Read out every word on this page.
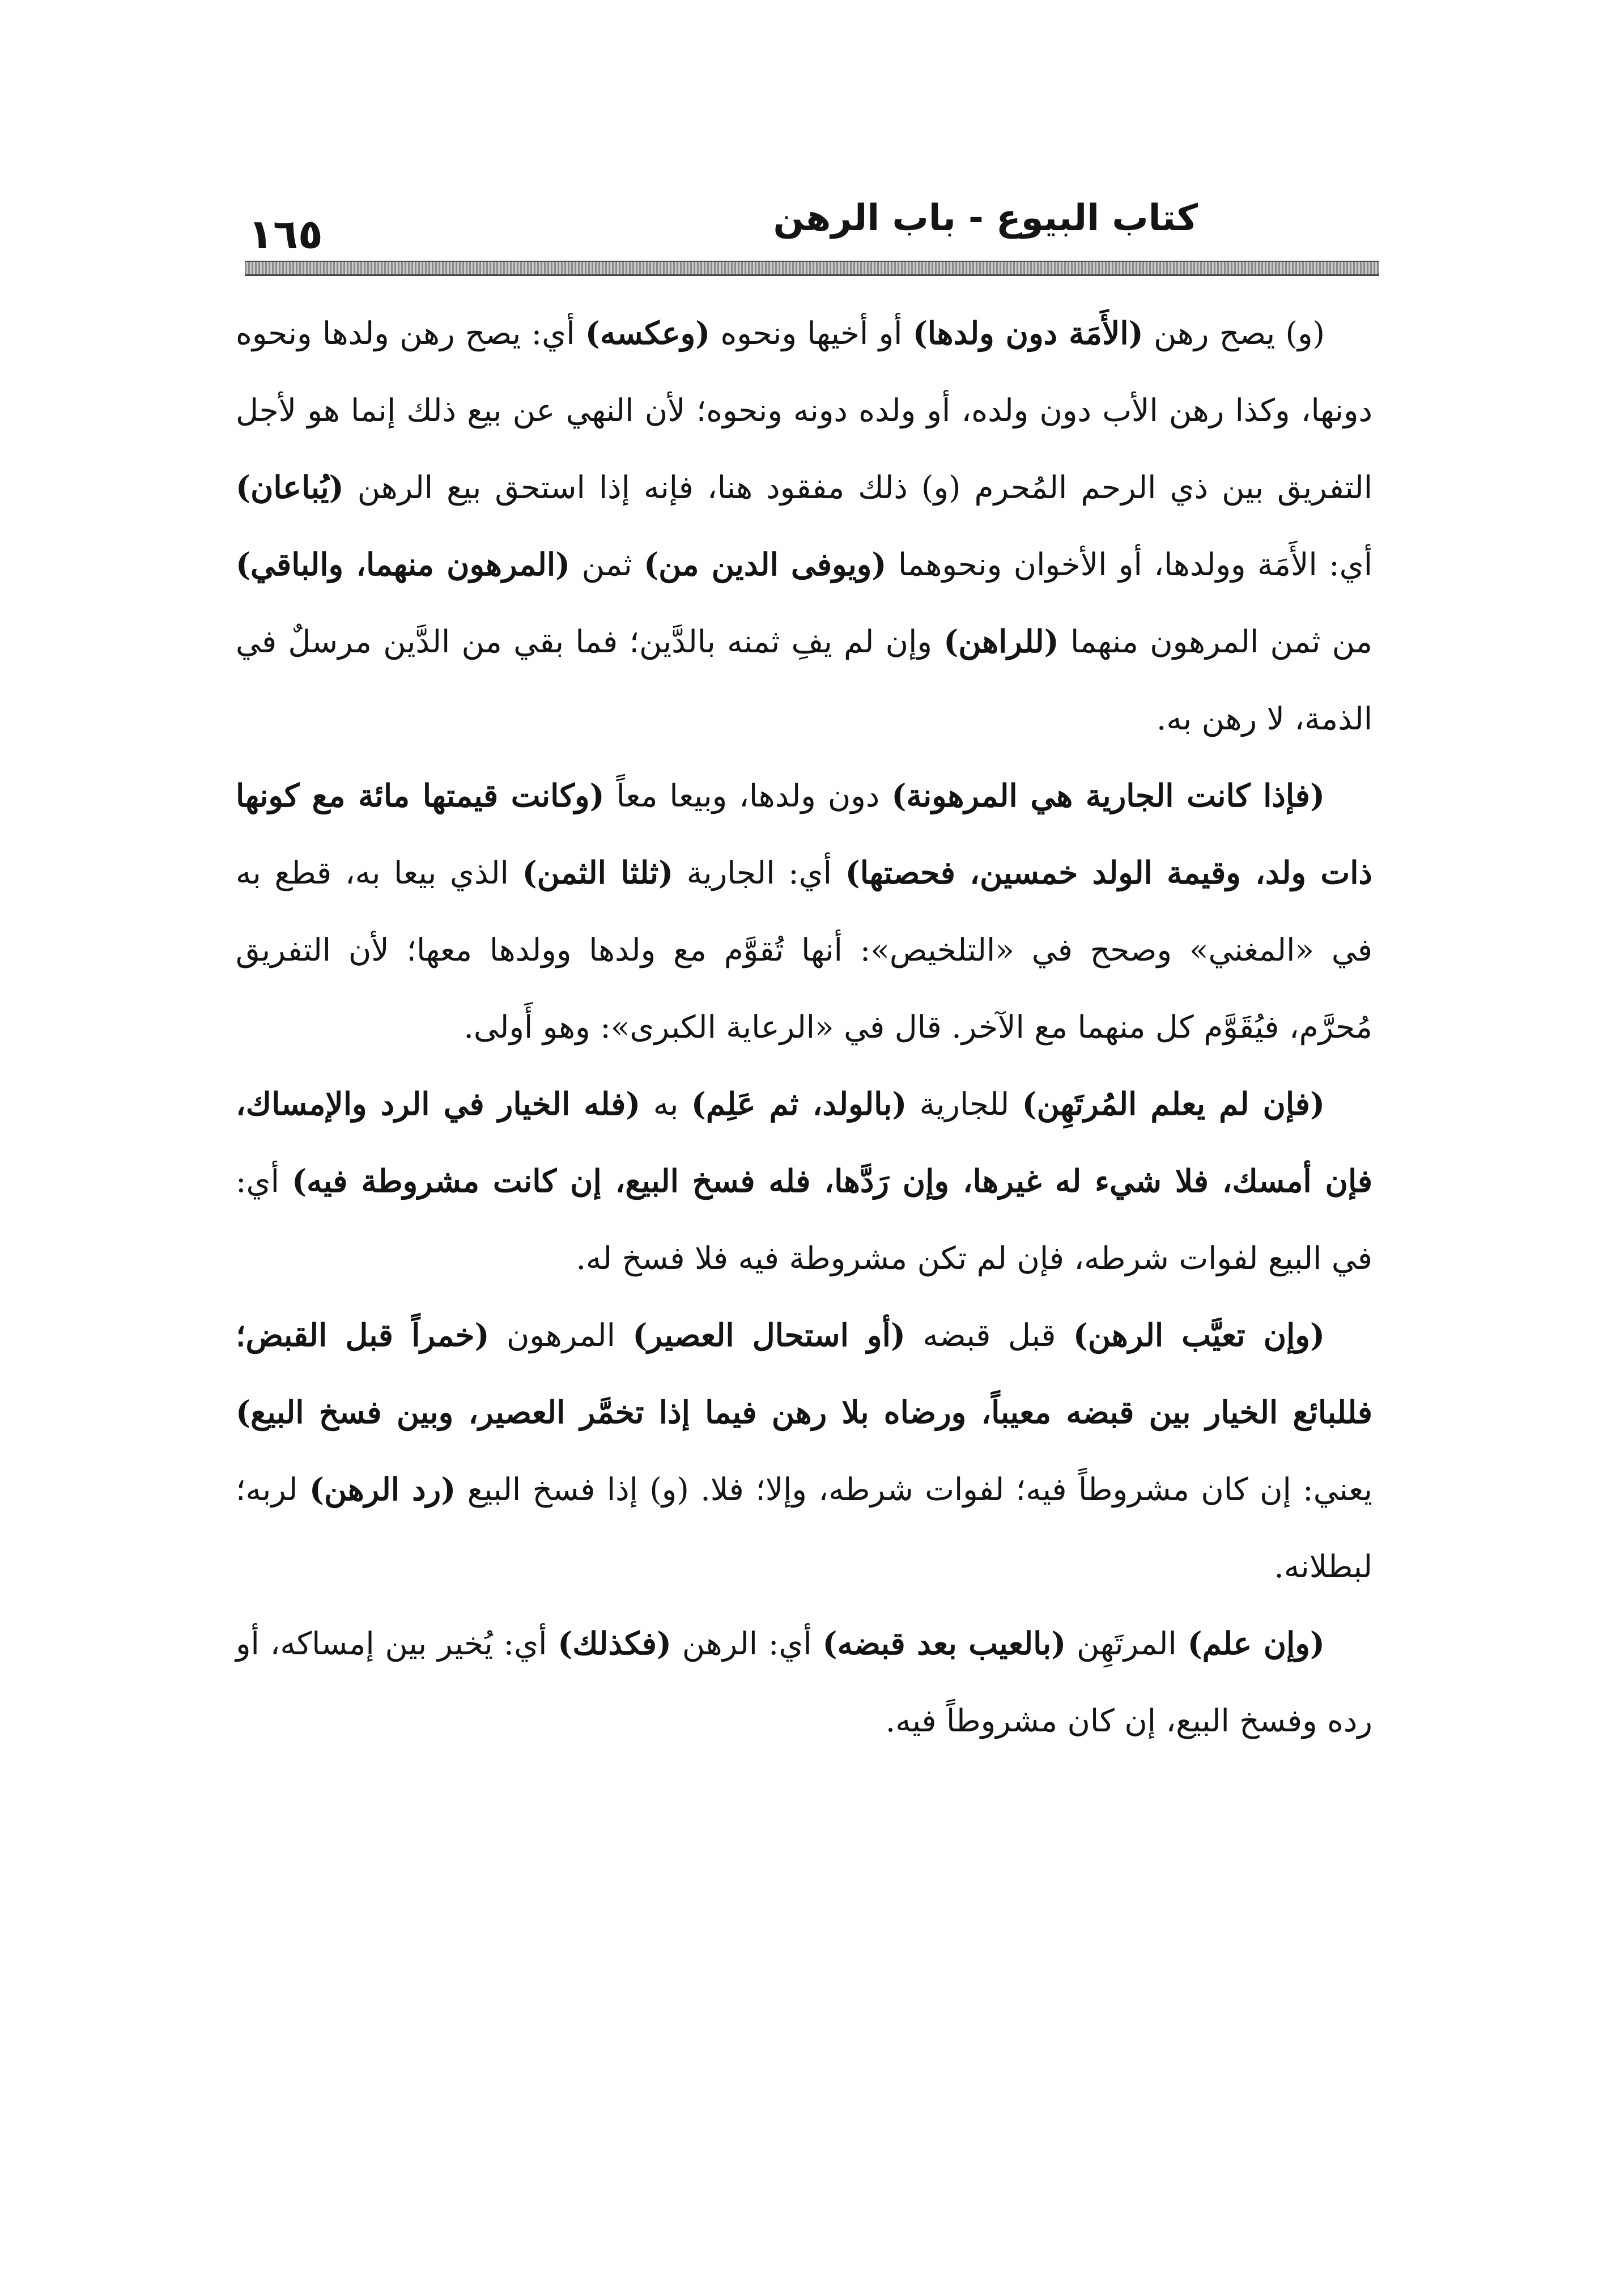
١٦٥	كتاب البيوع - باب الرهن

(و) يصح رهن (الأَمَة دون ولدها) أو أخيها ونحوه (وعكسه) أي: يصح رهن ولدها ونحوه دونها، وكذا رهن الأب دون ولده، أو ولده دونه ونحوه؛ لأن النهي عن بيع ذلك إنما هو لأجل التفريق بين ذي الرحم المُحرم (و) ذلك مفقود هنا، فإنه إذا استحق بيع الرهن (يُباعان) أي: الأَمَة وولدها، أو الأخوان ونحوهما (ويوفى الدين من) ثمن (المرهون منهما، والباقي) من ثمن المرهون منهما (للراهن) وإن لم يفِ ثمنه بالدَّين؛ فما بقي من الدَّين مرسلٌ في الذمة، لا رهن به.

(فإذا كانت الجارية هي المرهونة) دون ولدها، وبيعا معاً (وكانت قيمتها مائة مع كونها ذات ولد، وقيمة الولد خمسين، فحصتها) أي: الجارية (ثلثا الثمن) الذي بيعا به، قطع به في «المغني» وصحح في «التلخيص»: أنها تُقوَّم مع ولدها وولدها معها؛ لأن التفريق مُحرَّم، فيُقَوَّم كل منهما مع الآخر. قال في «الرعاية الكبرى»: وهو أَولى.

(فإن لم يعلم المُرتَهِن) للجارية (بالولد، ثم عَلِم) به (فله الخيار في الرد والإمساك، فإن أمسك، فلا شيء له غيرها، وإن رَدَّها، فله فسخ البيع، إن كانت مشروطة فيه) أي: في البيع لفوات شرطه، فإن لم تكن مشروطة فيه فلا فسخ له.

(وإن تعيَّب الرهن) قبل قبضه (أو استحال العصير) المرهون (خمراً قبل القبض؛ فللبائع الخيار بين قبضه معيباً، ورضاه بلا رهن فيما إذا تخمَّر العصير، وبين فسخ البيع) يعني: إن كان مشروطاً فيه؛ لفوات شرطه، وإلا؛ فلا. (و) إذا فسخ البيع (رد الرهن) لربه؛ لبطلانه.

(وإن علم) المرتَهِن (بالعيب بعد قبضه) أي: الرهن (فكذلك) أي: يُخير بين إمساكه، أو رده وفسخ البيع، إن كان مشروطاً فيه.
